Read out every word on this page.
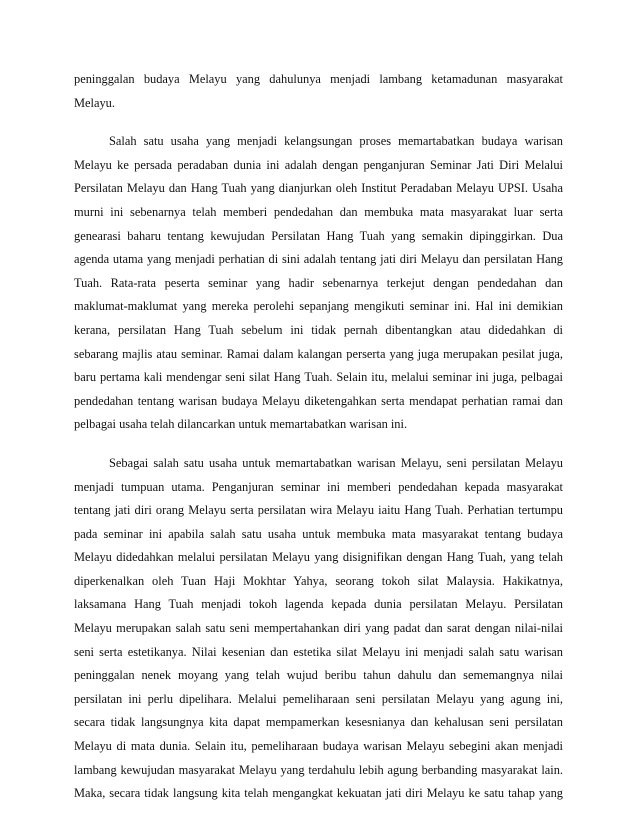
peninggalan budaya Melayu yang dahulunya menjadi lambang ketamadunan masyarakat
Melayu.
Salah satu usaha yang menjadi kelangsungan proses memartabatkan budaya warisan
Melayu ke persada peradaban dunia ini adalah dengan penganjuran Seminar Jati Diri Melalui
Persilatan Melayu dan Hang Tuah yang dianjurkan oleh Institut Peradaban Melayu UPSI. Usaha
murni ini sebenarnya telah memberi pendedahan dan membuka mata masyarakat luar serta
genearasi baharu tentang kewujudan Persilatan Hang Tuah yang semakin dipinggirkan. Dua
agenda utama yang menjadi perhatian di sini adalah tentang jati diri Melayu dan persilatan Hang
Tuah. Rata-rata peserta seminar yang hadir sebenarnya terkejut dengan pendedahan dan
maklumat-maklumat yang mereka perolehi sepanjang mengikuti seminar ini. Hal ini demikian
kerana, persilatan Hang Tuah sebelum ini tidak pernah dibentangkan atau didedahkan di
sebarang majlis atau seminar. Ramai dalam kalangan perserta yang juga merupakan pesilat juga,
baru pertama kali mendengar seni silat Hang Tuah. Selain itu, melalui seminar ini juga, pelbagai
pendedahan tentang warisan budaya Melayu diketengahkan serta mendapat perhatian ramai dan
pelbagai usaha telah dilancarkan untuk memartabatkan warisan ini.
Sebagai salah satu usaha untuk memartabatkan warisan Melayu, seni persilatan Melayu
menjadi tumpuan utama. Penganjuran seminar ini memberi pendedahan kepada masyarakat
tentang jati diri orang Melayu serta persilatan wira Melayu iaitu Hang Tuah. Perhatian tertumpu
pada seminar ini apabila salah satu usaha untuk membuka mata masyarakat tentang budaya
Melayu didedahkan melalui persilatan Melayu yang disignifikan dengan Hang Tuah, yang telah
diperkenalkan oleh Tuan Haji Mokhtar Yahya, seorang tokoh silat Malaysia. Hakikatnya,
laksamana Hang Tuah menjadi tokoh lagenda kepada dunia persilatan Melayu. Persilatan
Melayu merupakan salah satu seni mempertahankan diri yang padat dan sarat dengan nilai-nilai
seni serta estetikanya. Nilai kesenian dan estetika silat Melayu ini menjadi salah satu warisan
peninggalan nenek moyang yang telah wujud beribu tahun dahulu dan sememangnya nilai
persilatan ini perlu dipelihara. Melalui pemeliharaan seni persilatan Melayu yang agung ini,
secara tidak langsungnya kita dapat mempamerkan kesesnianya dan kehalusan seni persilatan
Melayu di mata dunia. Selain itu, pemeliharaan budaya warisan Melayu sebegini akan menjadi
lambang kewujudan masyarakat Melayu yang terdahulu lebih agung berbanding masyarakat lain.
Maka, secara tidak langsung kita telah mengangkat kekuatan jati diri Melayu ke satu tahap yang
